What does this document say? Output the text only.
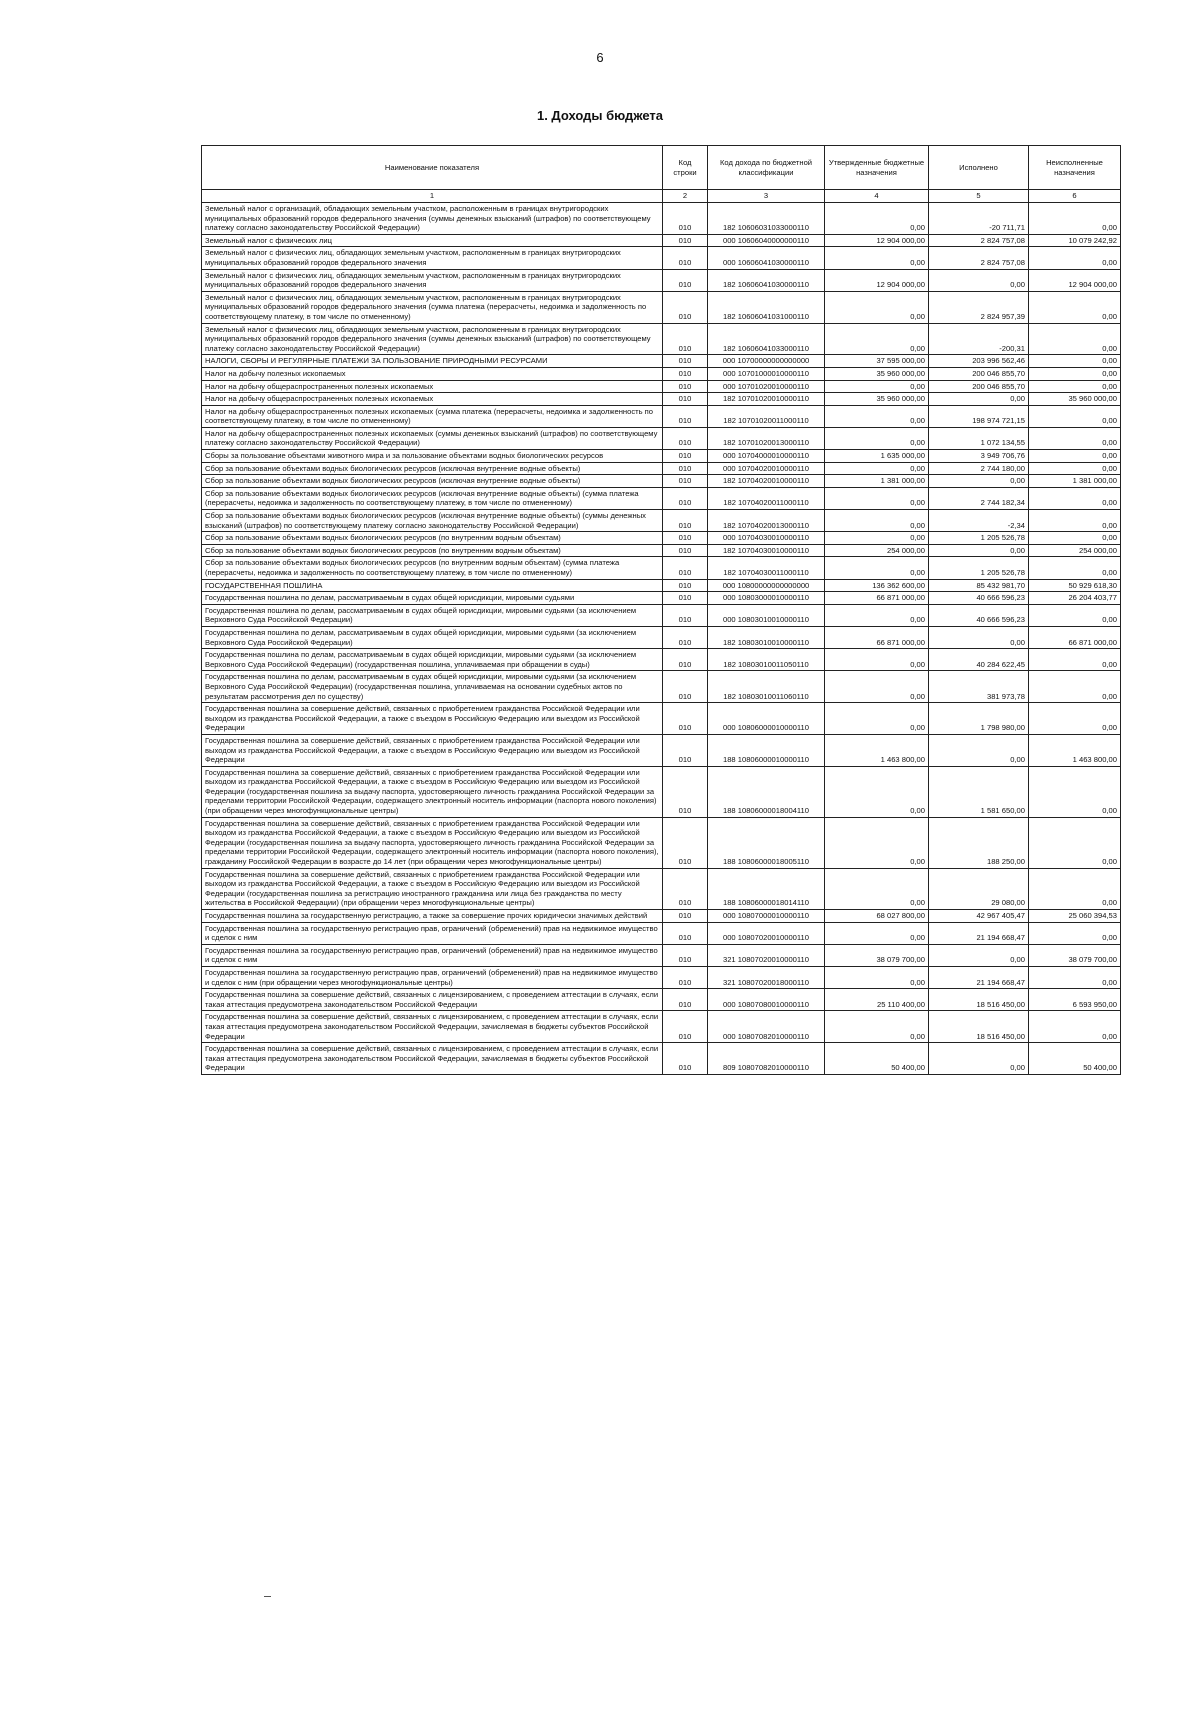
6
1. Доходы бюджета
Наименование показателя	Код строки	Код дохода по бюджетной классификации	Утвержденные бюджетные назначения	Исполнено	Неисполненные назначения
1	2	3	4	5	6
Земельный налог с организаций, обладающих земельным участком, расположенным в границах внутригородских муниципальных образований городов федерального значения (суммы денежных взысканий (штрафов) по соответствующему платежу согласно законодательству Российской Федерации)	010	182 10606031033000110	0,00	-20 711,71	0,00
Земельный налог с физических лиц	010	000 10606040000000110	12 904 000,00	2 824 757,08	10 079 242,92
Земельный налог с физических лиц, обладающих земельным участком, расположенным в границах внутригородских муниципальных образований городов федерального значения	010	000 10606041030000110	0,00	2 824 757,08	0,00
Земельный налог с физических лиц, обладающих земельным участком, расположенным в границах внутригородских муниципальных образований городов федерального значения	010	182 10606041030000110	12 904 000,00	0,00	12 904 000,00
Земельный налог с физических лиц, обладающих земельным участком, расположенным в границах внутригородских муниципальных образований городов федерального значения (сумма платежа (перерасчеты, недоимка и задолженность по соответствующему платежу, в том числе по отмененному)	010	182 10606041031000110	0,00	2 824 957,39	0,00
Земельный налог с физических лиц, обладающих земельным участком, расположенным в границах внутригородских муниципальных образований городов федерального значения (суммы денежных взысканий (штрафов) по соответствующему платежу согласно законодательству Российской Федерации)	010	182 10606041033000110	0,00	-200,31	0,00
НАЛОГИ, СБОРЫ И РЕГУЛЯРНЫЕ ПЛАТЕЖИ ЗА ПОЛЬЗОВАНИЕ ПРИРОДНЫМИ РЕСУРСАМИ	010	000 10700000000000000	37 595 000,00	203 996 562,46	0,00
Налог на добычу полезных ископаемых	010	000 10701000010000110	35 960 000,00	200 046 855,70	0,00
Налог на добычу общераспространенных полезных ископаемых	010	000 10701020010000110	0,00	200 046 855,70	0,00
Налог на добычу общераспространенных полезных ископаемых	010	182 10701020010000110	35 960 000,00	0,00	35 960 000,00
Налог на добычу общераспространенных полезных ископаемых (сумма платежа (перерасчеты, недоимка и задолженность по соответствующему платежу, в том числе по отмененному)	010	182 10701020011000110	0,00	198 974 721,15	0,00
Налог на добычу общераспространенных полезных ископаемых (суммы денежных взысканий (штрафов) по соответствующему платежу согласно законодательству Российской Федерации)	010	182 10701020013000110	0,00	1 072 134,55	0,00
Сборы за пользование объектами животного мира и за пользование объектами водных биологических ресурсов	010	000 10704000010000110	1 635 000,00	3 949 706,76	0,00
Сбор за пользование объектами водных биологических ресурсов (исключая внутренние водные объекты)	010	000 10704020010000110	0,00	2 744 180,00	0,00
Сбор за пользование объектами водных биологических ресурсов (исключая внутренние водные объекты)	010	182 10704020010000110	1 381 000,00	0,00	1 381 000,00
Сбор за пользование объектами водных биологических ресурсов (исключая внутренние водные объекты) (сумма платежа (перерасчеты, недоимка и задолженность по соответствующему платежу, в том числе по отмененному)	010	182 10704020011000110	0,00	2 744 182,34	0,00
Сбор за пользование объектами водных биологических ресурсов (исключая внутренние водные объекты) (суммы денежных взысканий (штрафов) по соответствующему платежу согласно законодательству Российской Федерации)	010	182 10704020013000110	0,00	-2,34	0,00
Сбор за пользование объектами водных биологических ресурсов (по внутренним водным объектам)	010	000 10704030010000110	0,00	1 205 526,78	0,00
Сбор за пользование объектами водных биологических ресурсов (по внутренним водным объектам)	010	182 10704030010000110	254 000,00	0,00	254 000,00
Сбор за пользование объектами водных биологических ресурсов (по внутренним водным объектам) (сумма платежа (перерасчеты, недоимка и задолженность по соответствующему платежу, в том числе по отмененному)	010	182 10704030011000110	0,00	1 205 526,78	0,00
ГОСУДАРСТВЕННАЯ ПОШЛИНА	010	000 10800000000000000	136 362 600,00	85 432 981,70	50 929 618,30
Государственная пошлина по делам, рассматриваемым в судах общей юрисдикции, мировыми судьями	010	000 10803000010000110	66 871 000,00	40 666 596,23	26 204 403,77
Государственная пошлина по делам, рассматриваемым в судах общей юрисдикции, мировыми судьями (за исключением Верховного Суда Российской Федерации)	010	000 10803010010000110	0,00	40 666 596,23	0,00
Государственная пошлина по делам, рассматриваемым в судах общей юрисдикции, мировыми судьями (за исключением Верховного Суда Российской Федерации)	010	182 10803010010000110	66 871 000,00	0,00	66 871 000,00
Государственная пошлина по делам, рассматриваемым в судах общей юрисдикции, мировыми судьями (за исключением Верховного Суда Российской Федерации) (государственная пошлина, уплачиваемая при обращении в суды)	010	182 10803010011050110	0,00	40 284 622,45	0,00
Государственная пошлина по делам, рассматриваемым в судах общей юрисдикции, мировыми судьями (за исключением Верховного Суда Российской Федерации) (государственная пошлина, уплачиваемая на основании судебных актов по результатам рассмотрения дел по существу)	010	182 10803010011060110	0,00	381 973,78	0,00
Государственная пошлина за совершение действий, связанных с приобретением гражданства Российской Федерации или выходом из гражданства Российской Федерации, а также с въездом в Российскую Федерацию или выездом из Российской Федерации	010	000 10806000010000110	0,00	1 798 980,00	0,00
Государственная пошлина за совершение действий, связанных с приобретением гражданства Российской Федерации или выходом из гражданства Российской Федерации, а также с въездом в Российскую Федерацию или выездом из Российской Федерации	010	188 10806000010000110	1 463 800,00	0,00	1 463 800,00
Государственная пошлина за совершение действий, связанных с приобретением гражданства Российской Федерации или выходом из гражданства Российской Федерации, а также с въездом в Российскую Федерацию или выездом из Российской Федерации (государственная пошлина за выдачу паспорта, удостоверяющего личность гражданина Российской Федерации за пределами территории Российской Федерации, содержащего электронный носитель информации (паспорта нового поколения) (при обращении через многофункциональные центры)	010	188 10806000018004110	0,00	1 581 650,00	0,00
Государственная пошлина за совершение действий, связанных с приобретением гражданства Российской Федерации или выходом из гражданства Российской Федерации, а также с въездом в Российскую Федерацию или выездом из Российской Федерации (государственная пошлина за выдачу паспорта, удостоверяющего личность гражданина Российской Федерации за пределами территории Российской Федерации, содержащего электронный носитель информации (паспорта нового поколения), гражданину Российской Федерации в возрасте до 14 лет (при обращении через многофункциональные центры)	010	188 10806000018005110	0,00	188 250,00	0,00
Государственная пошлина за совершение действий, связанных с приобретением гражданства Российской Федерации или выходом из гражданства Российской Федерации, а также с въездом в Российскую Федерацию или выездом из Российской Федерации (государственная пошлина за регистрацию иностранного гражданина или лица без гражданства по месту жительства в Российской Федерации) (при обращении через многофункциональные центры)	010	188 10806000018014110	0,00	29 080,00	0,00
Государственная пошлина за государственную регистрацию, а также за совершение прочих юридически значимых действий	010	000 10807000010000110	68 027 800,00	42 967 405,47	25 060 394,53
Государственная пошлина за государственную регистрацию прав, ограничений (обременений) прав на недвижимое имущество и сделок с ним	010	000 10807020010000110	0,00	21 194 668,47	0,00
Государственная пошлина за государственную регистрацию прав, ограничений (обременений) прав на недвижимое имущество и сделок с ним	010	321 10807020010000110	38 079 700,00	0,00	38 079 700,00
Государственная пошлина за государственную регистрацию прав, ограничений (обременений) прав на недвижимое имущество и сделок с ним (при обращении через многофункциональные центры)	010	321 10807020018000110	0,00	21 194 668,47	0,00
Государственная пошлина за совершение действий, связанных с лицензированием, с проведением аттестации в случаях, если такая аттестация предусмотрена законодательством Российской Федерации	010	000 10807080010000110	25 110 400,00	18 516 450,00	6 593 950,00
Государственная пошлина за совершение действий, связанных с лицензированием, с проведением аттестации в случаях, если такая аттестация предусмотрена законодательством Российской Федерации, зачисляемая в бюджеты субъектов Российской Федерации	010	000 10807082010000110	0,00	18 516 450,00	0,00
Государственная пошлина за совершение действий, связанных с лицензированием, с проведением аттестации в случаях, если такая аттестация предусмотрена законодательством Российской Федерации, зачисляемая в бюджеты субъектов Российской Федерации	010	809 10807082010000110	50 400,00	0,00	50 400,00
